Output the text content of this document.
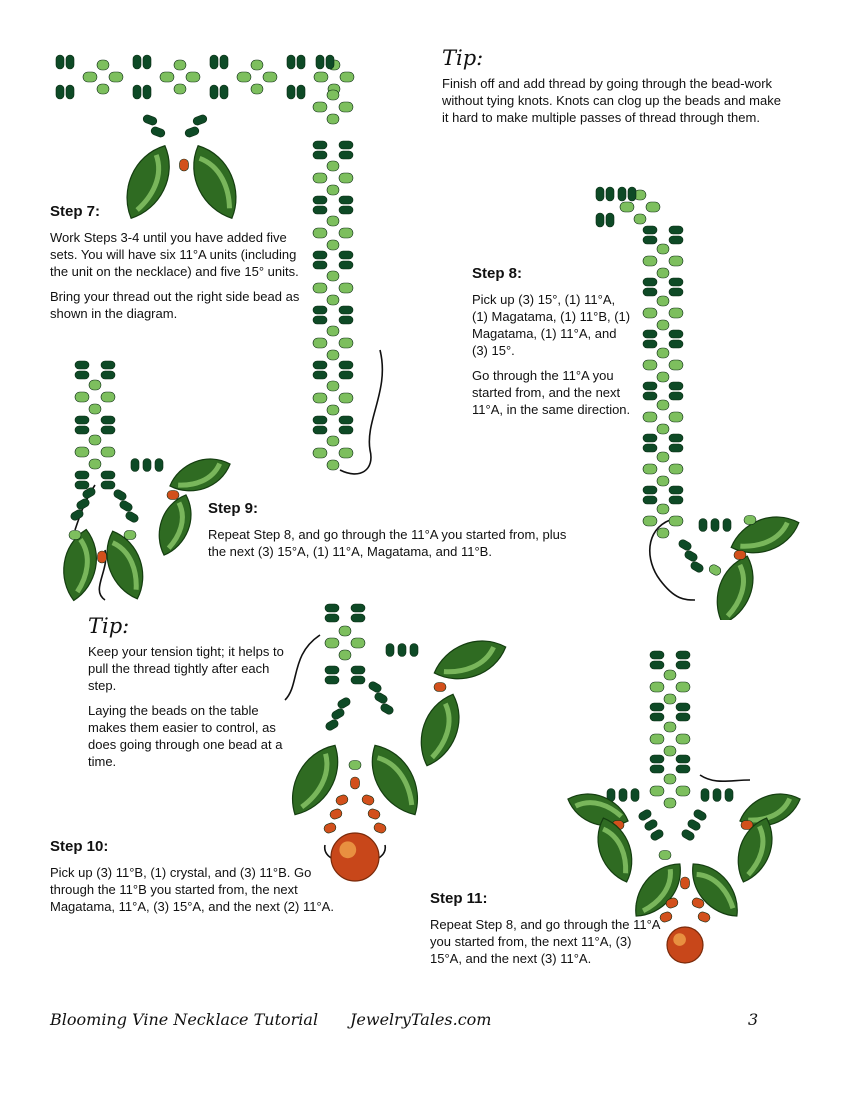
Tip:

Finish off and add thread by going through the bead-work without tying knots. Knots can clog up the beads and make it hard to make multiple passes of thread through them.

Step 7:

Work Steps 3-4 until you have added five sets. You will have six 11°A units (including the unit on the necklace) and five 15° units.

Bring your thread out the right side bead as shown in the diagram.

Step 8:

Pick up (3) 15°, (1) 11°A, (1) Magatama, (1) 11°B, (1) Magatama, (1) 11°A, and (3) 15°.

Go through the 11°A you started from, and the next 11°A, in the same direction.

Step 9:

Repeat Step 8, and go through the 11°A you started from, plus the next (3) 15°A, (1) 11°A, Magatama, and 11°B.

Tip:

Keep your tension tight; it helps to pull the thread tightly after each step.

Laying the beads on the table makes them easier to control, as does going through one bead at a time.

Step 10:

Pick up (3) 11°B, (1) crystal, and (3) 11°B. Go through the 11°B you started from, the next Magatama, 11°A, (3) 15°A, and the next (2) 11°A.	Step 11:

Repeat Step 8, and go through the 11°A you started from, the next 11°A, (3) 15°A, and the next (3) 11°A.

Blooming Vine Necklace Tutorial JewelryTales.com	3
